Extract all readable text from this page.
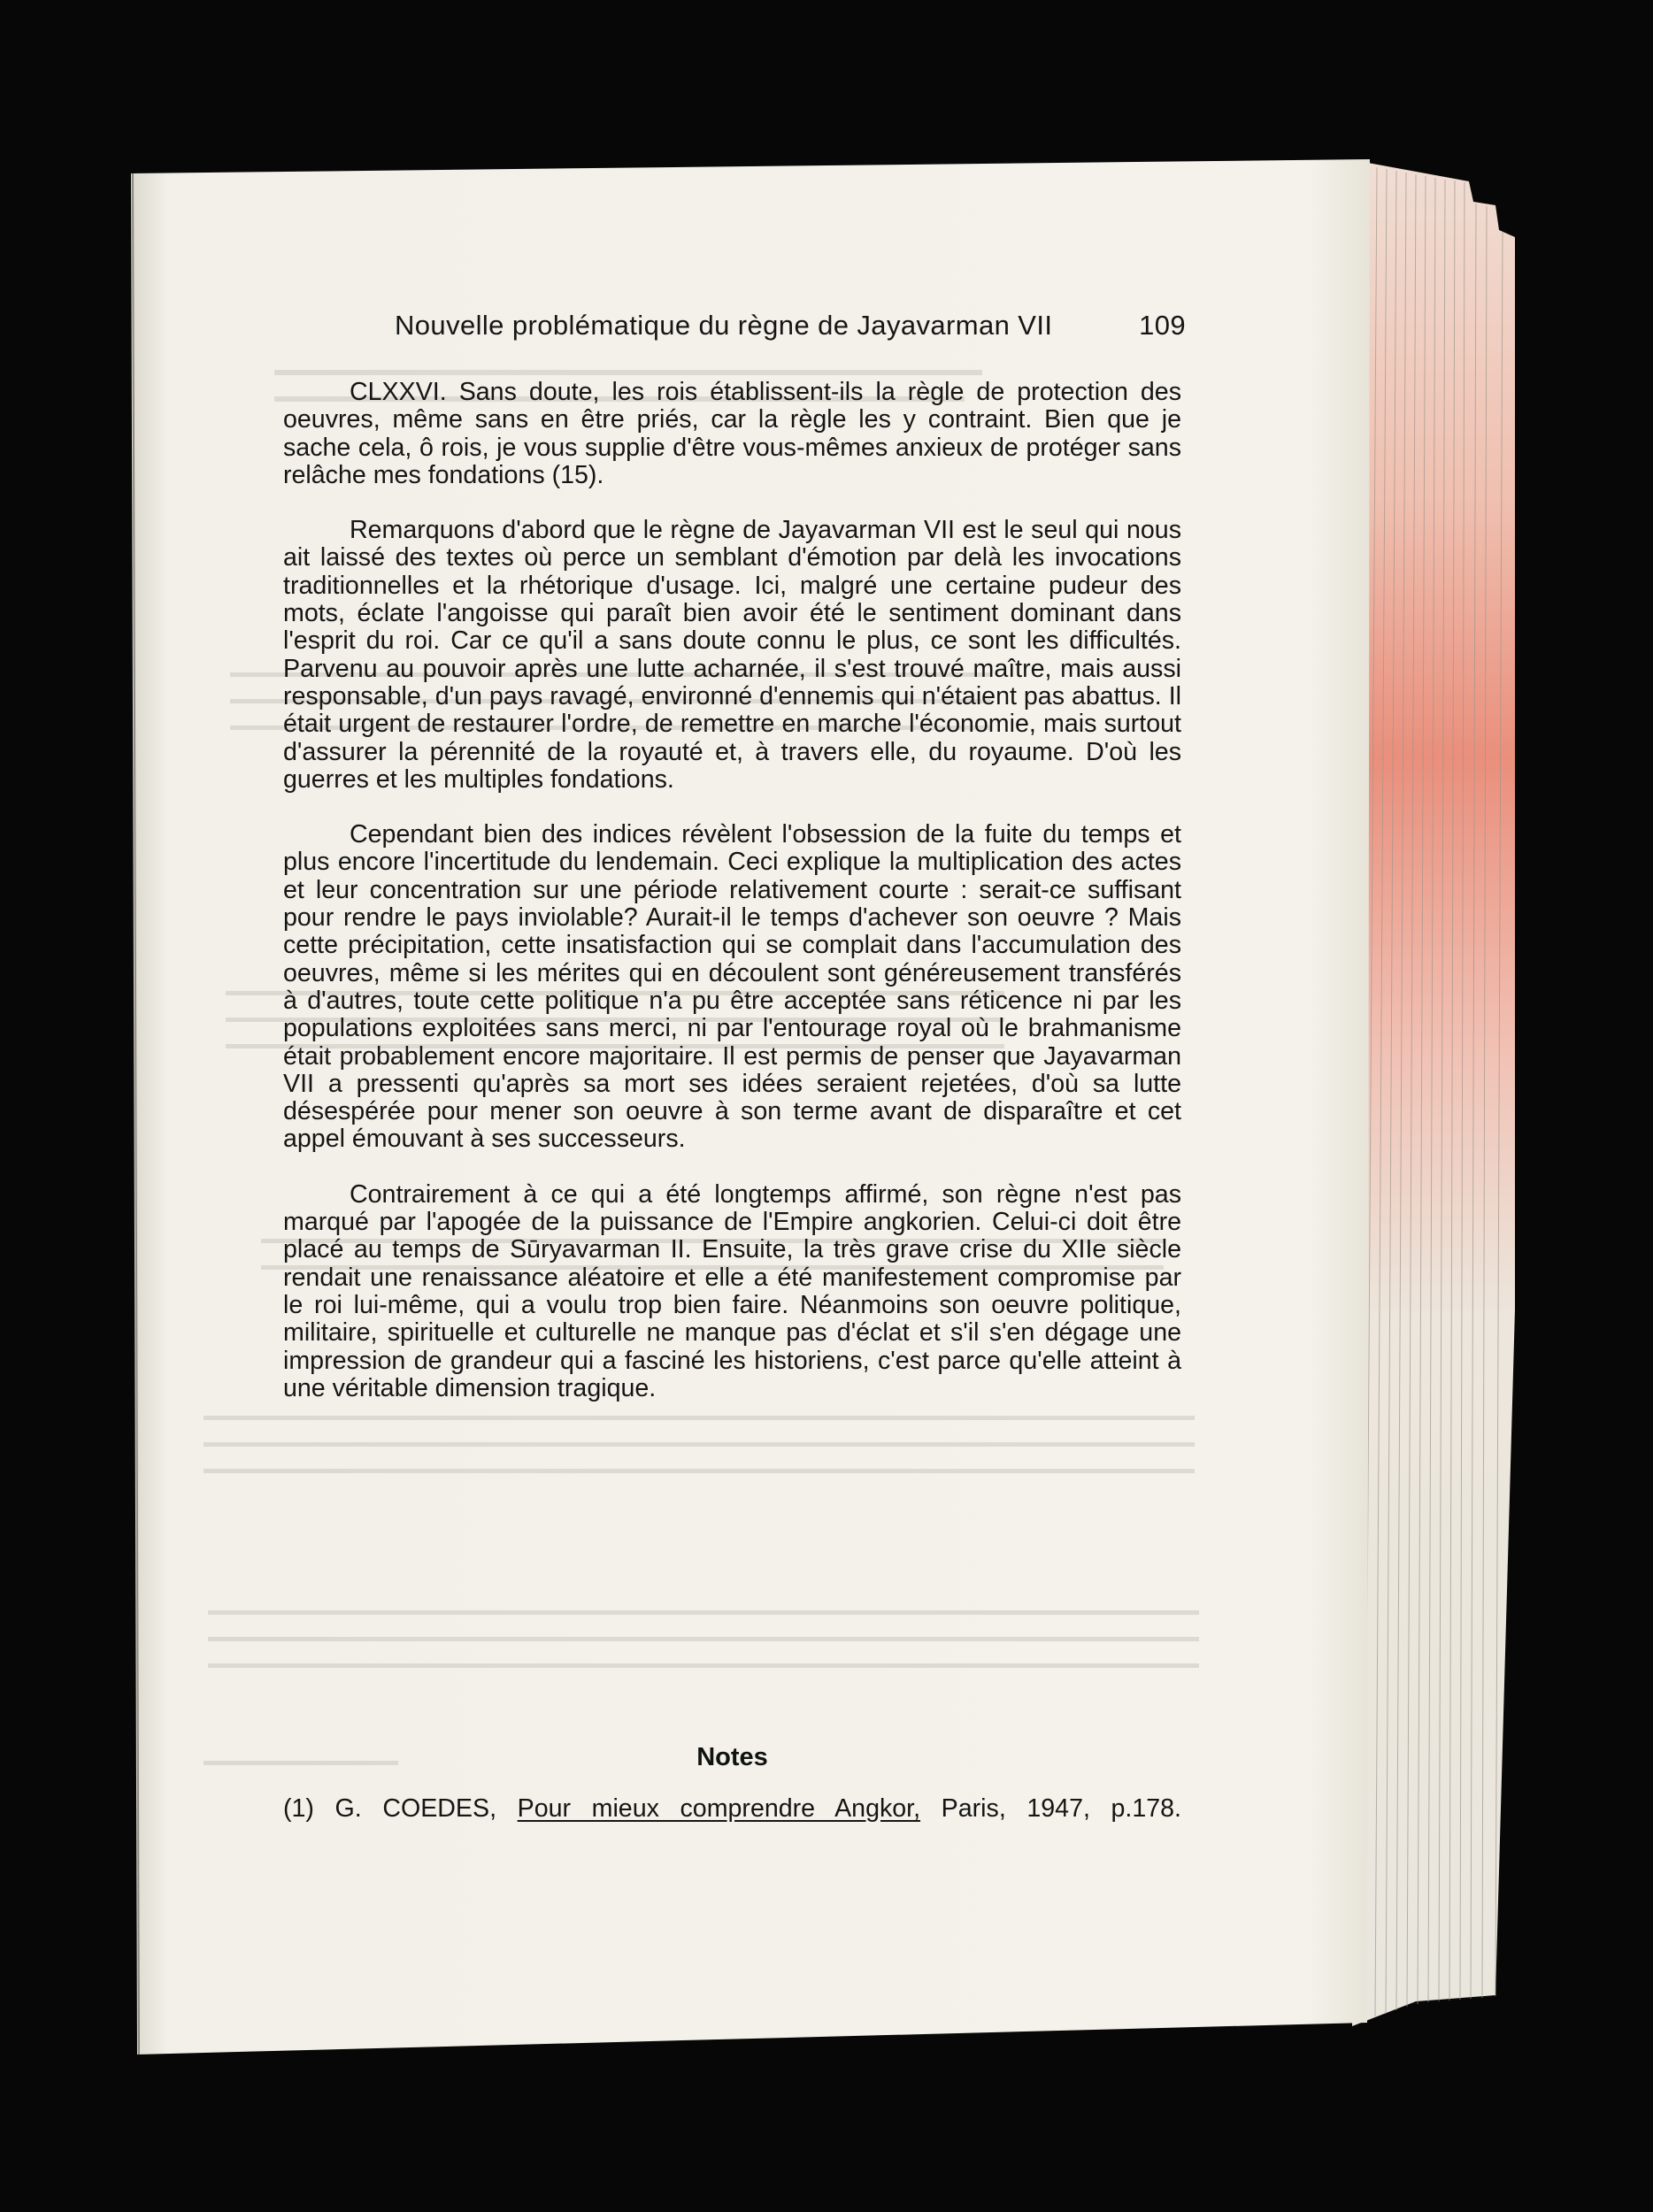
Nouvelle problématique du règne de Jayavarman VII	109

CLXXVI. Sans doute, les rois établissent-ils la règle de protection des oeuvres, même sans en être priés, car la règle les y contraint. Bien que je sache cela, ô rois, je vous supplie d'être vous-mêmes anxieux de protéger sans relâche mes fondations (15).

Remarquons d'abord que le règne de Jayavarman VII est le seul qui nous ait laissé des textes où perce un semblant d'émotion par delà les invocations traditionnelles et la rhétorique d'usage. Ici, malgré une certaine pudeur des mots, éclate l'angoisse qui paraît bien avoir été le sentiment dominant dans l'esprit du roi. Car ce qu'il a sans doute connu le plus, ce sont les difficultés. Parvenu au pouvoir après une lutte acharnée, il s'est trouvé maître, mais aussi responsable, d'un pays ravagé, environné d'ennemis qui n'étaient pas abattus. Il était urgent de restaurer l'ordre, de remettre en marche l'économie, mais surtout d'assurer la pérennité de la royauté et, à travers elle, du royaume. D'où les guerres et les multiples fondations.

Cependant bien des indices révèlent l'obsession de la fuite du temps et plus encore l'incertitude du lendemain. Ceci explique la multiplication des actes et leur concentration sur une période relativement courte : serait-ce suffisant pour rendre le pays inviolable? Aurait-il le temps d'achever son oeuvre ? Mais cette précipitation, cette insatisfaction qui se complait dans l'accumulation des oeuvres, même si les mérites qui en découlent sont généreusement transférés à d'autres, toute cette politique n'a pu être acceptée sans réticence ni par les populations exploitées sans merci, ni par l'entourage royal où le brahmanisme était probablement encore majoritaire. Il est permis de penser que Jayavarman VII a pressenti qu'après sa mort ses idées seraient rejetées, d'où sa lutte désespérée pour mener son oeuvre à son terme avant de disparaître et cet appel émouvant à ses successeurs.

Contrairement à ce qui a été longtemps affirmé, son règne n'est pas marqué par l'apogée de la puissance de l'Empire angkorien. Celui-ci doit être placé au temps de Sūryavarman II. Ensuite, la très grave crise du XIIe siècle rendait une renaissance aléatoire et elle a été manifestement compromise par le roi lui-même, qui a voulu trop bien faire. Néanmoins son oeuvre politique, militaire, spirituelle et culturelle ne manque pas d'éclat et s'il s'en dégage une impression de grandeur qui a fasciné les historiens, c'est parce qu'elle atteint à une véritable dimension tragique.

Notes
(1) G. COEDES, Pour mieux comprendre Angkor, Paris, 1947, p.178.
